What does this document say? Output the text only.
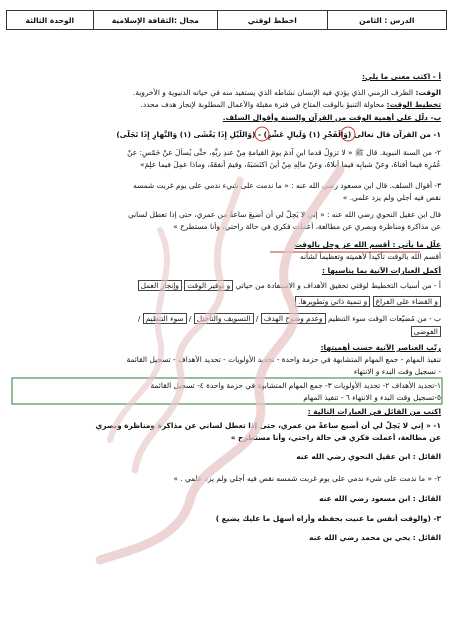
الدرس : الثامن
اخطط لوقتي
مجال :الثقافة الإسلامية
الوحدة الثالثة
أ - اكتب معنى ما يلي:
الوقت: الظرف الزمني الذي يؤدي فيه الإنسان نشاطه الذي يستفيد منه في حياته الدنيوية و الأخروية.
تخطيط الوقت: محاولة التنبؤ بالوقت المتاح في فترة مقبلة والأعمال المطلوبة لإنجاز هدف محدد.
ب- دلّل على أهمية الوقت من القرآن والسنة وأقوال السلف.
١- من القرآن قال تعالى (وَالْفَجْرِ (١) وَلَيالٍ عَشْرٍ) - (وَاللَّيْلِ إِذَا يَغْشَى (١) وَالنَّهارِ إِذَا تَجَلَّى)
٢- من السنة النبوية. قال ﷺ « لا تزولُ قدما ابنِ آدمَ يومَ القيامةِ مِنْ عندِ ربِّهِ، حتَّى يُسألَ عنْ خَمْسٍ: عنْ
عُمُرِه فيما أفناهُ، وعنْ شبابِه فيما أبلاهُ، وعنْ مالِهِ مِنْ أينَ اكتَسَبَهُ، وفيمَ أنفقَهُ، وماذا عمِلَ فيما علِمَ»
٣- أقوال السلف. قال ابن مسعود رضي الله عنه : « ما ندمت على شيء ندمي على يوم غربت شمسه
نقص فيه أجلي ولم يزد علمي. »
قال ابن عقيل النحوي رضي الله عنه : « إني لا يَحِلُّ لي أن أُضيعَ ساعةً من عمري، حتى إذا تعطل لساني
عن مذاكرة ومناظرة وبصري عن مطالعة، أعملت فكري في حالة راحتي، وأنا مستطرح »
علّل ما يأتي : أقسم الله عز وجل بالوقت
أقسم الله بالوقت تأكيداً لأهميته وتعظيماً لشأنه
أكمل العبارات الآتية بما يناسبها :
أ - من أسباب التخطيط لوقتي تحقيق الأهداف و الاستفادة من حياتي و توفير الوقت وإنجاز العمل
و القضاء على الفراغ و تنمية ذاتي وتطويرها.
ب - من مُضيّعات الوقت سوء التنظيم وعدم وضوح الهدف / التسويف والتأجيل / سوء التنظيم /
الفوضى
رتّب العناصر الآتية حسب أهميتها:
تنفيذ المهام - جمع المهام المتشابهة في حزمة واحدة - تحديد الأولويات - تحديد الأهداف - تسجيل القائمة
- تسجيل وقت البدء و الانتهاء
١-تحديد الأهداف ٢- تحديد الأولويات ٣- جمع المهام المتشابهة في حزمة واحدة ٤- تسجيل القائمة
٥-تسجيل وقت البدء و الانتهاء ٦ - تنفيذ المهام
اكتب من القائل في العبارات التالية :
١- « إني لا يَحِلُّ لي أن أُضيع ساعةً من عمري، حتى إذا تعطل لساني عن مذاكرة ومناظرة وبصري
عن مطالعة، أعملت فكري في حالة راحتي، وأنا مستطرح »
القائل : ابن عقيل النحوي رضي الله عنه
٢- « ما ندمت على شيء ندمي على يوم غربت شمسه نقص فيه أجلي ولم يزد علمي . »
القائل : ابن مسعود رضي الله عنه
٣- (والوقت أنفس ما عنيت بحفظه وأراه أسهل ما عليك يضيع )
القائل : يحي بن محمد رضي الله عنه
